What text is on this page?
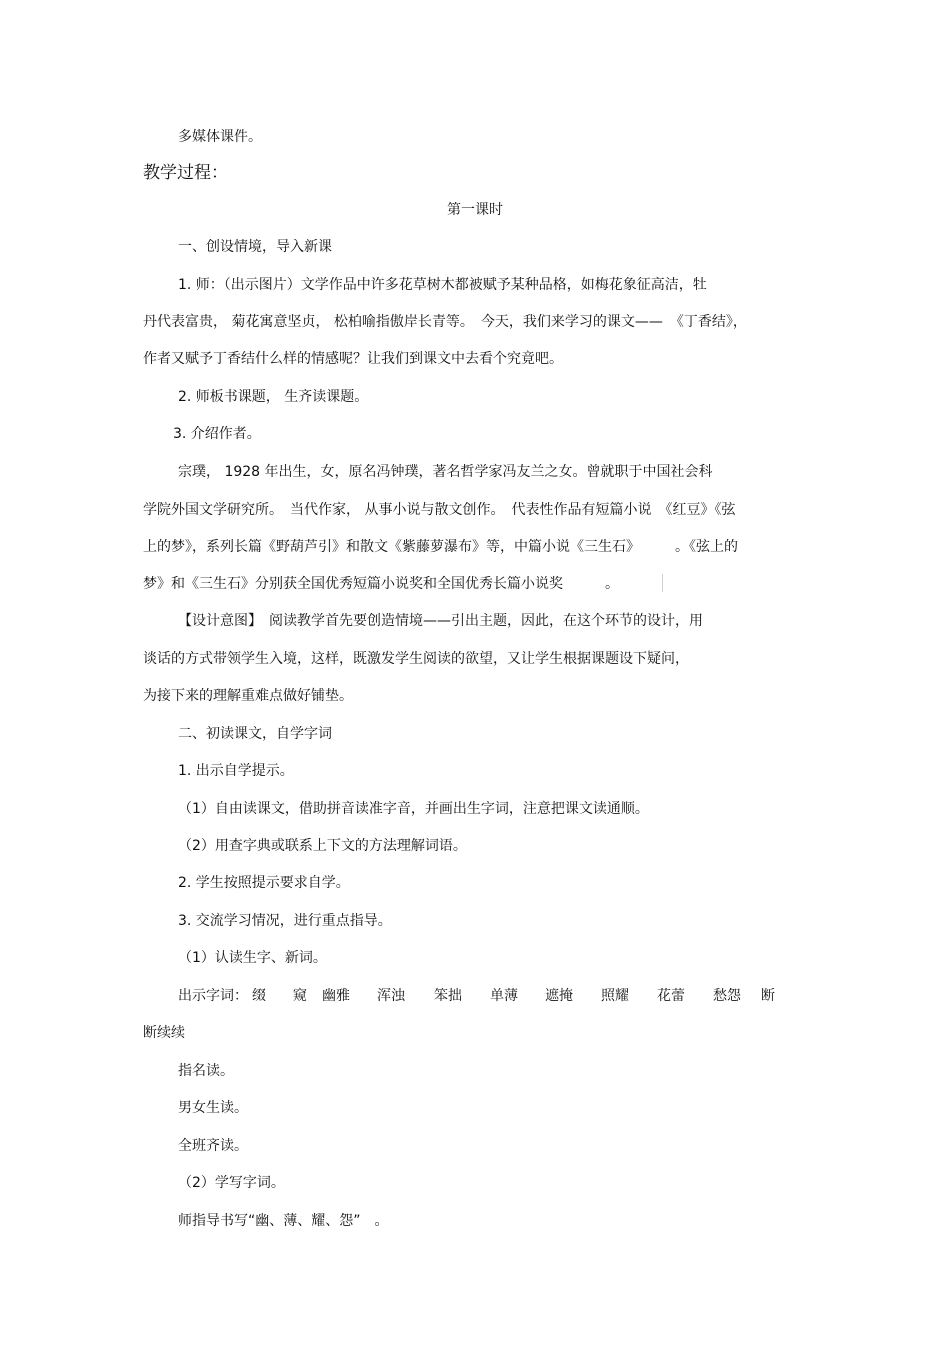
多媒体课件。

教学过程：

第一课时

一、创设情境，导入新课

1. 师：（出示图片）文学作品中许多花草树木都被赋予某种品格，如梅花象征高洁，牡

丹代表富贵， 菊花寓意坚贞， 松柏喻指傲岸长青等。　今天，我们来学习的课文——　《丁香结》，

作者又赋予丁香结什么样的情感呢？让我们到课文中去看个究竟吧。

2. 师板书课题， 生齐读课题。

3. 介绍作者。

宗璞， 1928 年出生，女，原名冯钟璞，著名哲学家冯友兰之女。曾就职于中国社会科

学院外国文学研究所。　当代作家， 从事小说与散文创作。　代表性作品有短篇小说　《红豆》《弦

上的梦》，系列长篇《野葫芦引》和散文《紫藤萝瀑布》等，中篇小说《三生石》　　　。《弦上的

梦》和《三生石》分别获全国优秀短篇小说奖和全国优秀长篇小说奖　　　。

【设计意图】　阅读教学首先要创造情境——引出主题，因此，在这个环节的设计，用

谈话的方式带领学生入境，这样，既激发学生阅读的欲望，又让学生根据课题设下疑问，

为接下来的理解重难点做好铺垫。

二、初读课文，自学字词

1. 出示自学提示。

（1）自由读课文，借助拼音读准字音，并画出生字词，注意把课文读通顺。

（2）用查字典或联系上下文的方法理解词语。

2. 学生按照提示要求自学。

3. 交流学习情况，进行重点指导。

（1）认读生字、新词。

出示字词： 缀 窥 幽雅 浑浊 笨拙 单薄 遮掩 照耀 花蕾 愁怨 断

断续续

指名读。

男女生读。

全班齐读。

（2）学写字词。

师指导书写“幽、薄、耀、怨”　。
